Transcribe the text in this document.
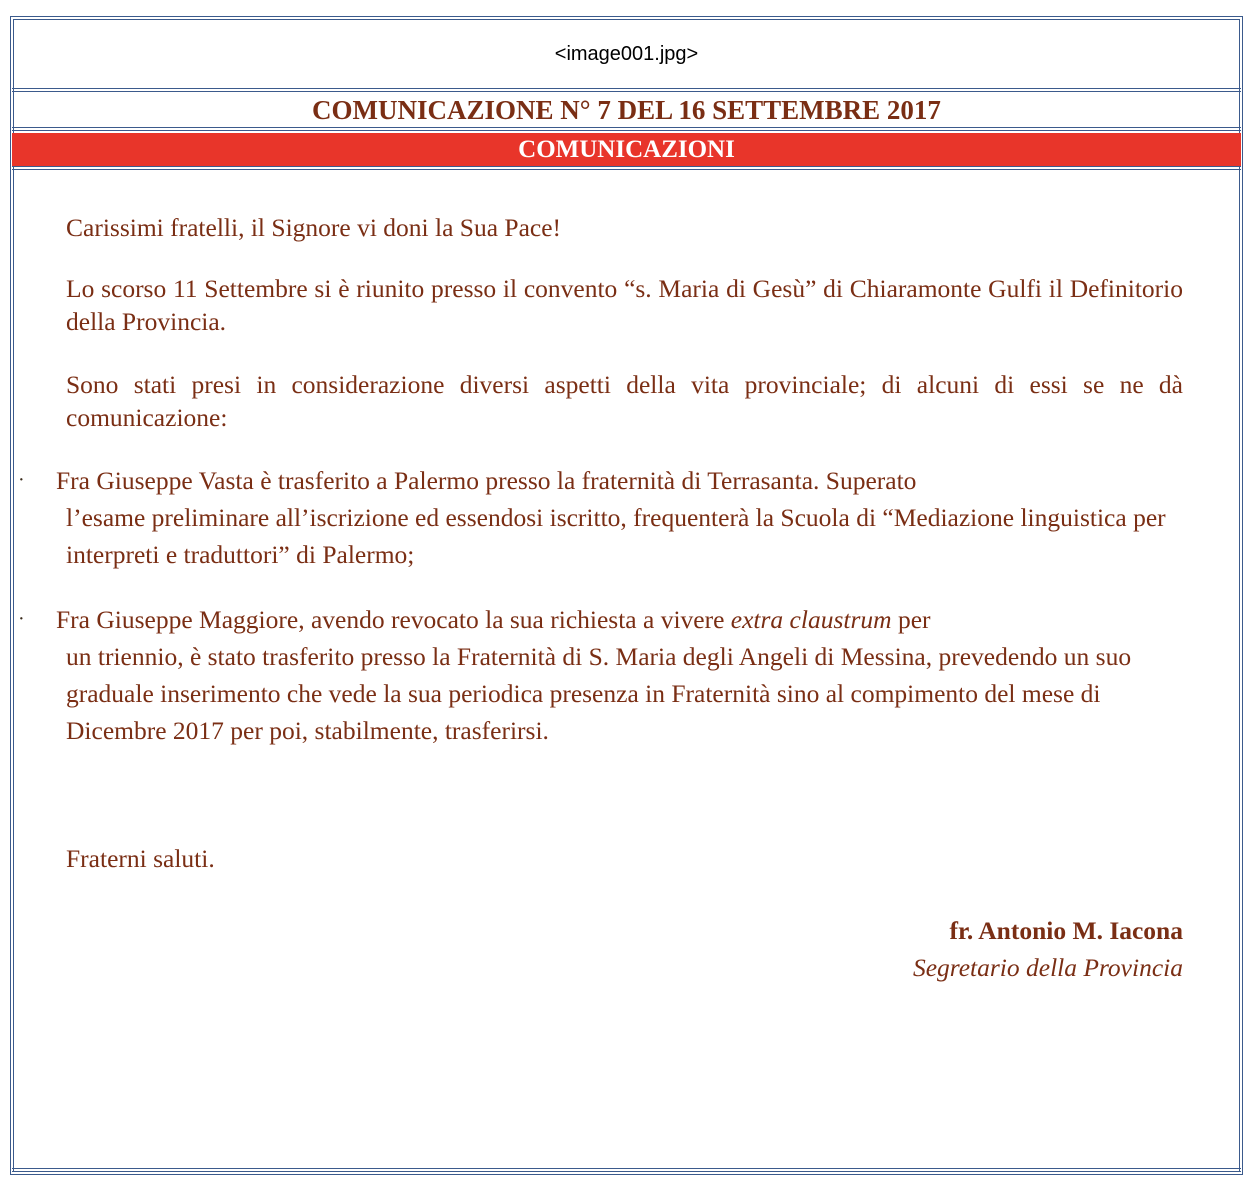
<image001.jpg>
COMUNICAZIONE N° 7 DEL 16 SETTEMBRE 2017
COMUNICAZIONI
Carissimi fratelli, il Signore vi doni la Sua Pace!
Lo scorso 11 Settembre si è riunito presso il convento “s. Maria di Gesù” di Chiaramonte Gulfi il Definitorio della Provincia.
Sono stati presi in considerazione diversi aspetti della vita provinciale; di alcuni di essi se ne dà comunicazione:
·	Fra Giuseppe Vasta è trasferito a Palermo presso la fraternità di Terrasanta. Superato
l’esame preliminare all’iscrizione ed essendosi iscritto, frequenterà la Scuola di “Mediazione linguistica per interpreti e traduttori” di Palermo;
·	Fra Giuseppe Maggiore, avendo revocato la sua richiesta a vivere extra claustrum per
un triennio, è stato trasferito presso la Fraternità di S. Maria degli Angeli di Messina, prevedendo un suo graduale inserimento che vede la sua periodica presenza in Fraternità sino al compimento del mese di Dicembre 2017 per poi, stabilmente, trasferirsi.
Fraterni saluti.
fr. Antonio M. Iacona
Segretario della Provincia
